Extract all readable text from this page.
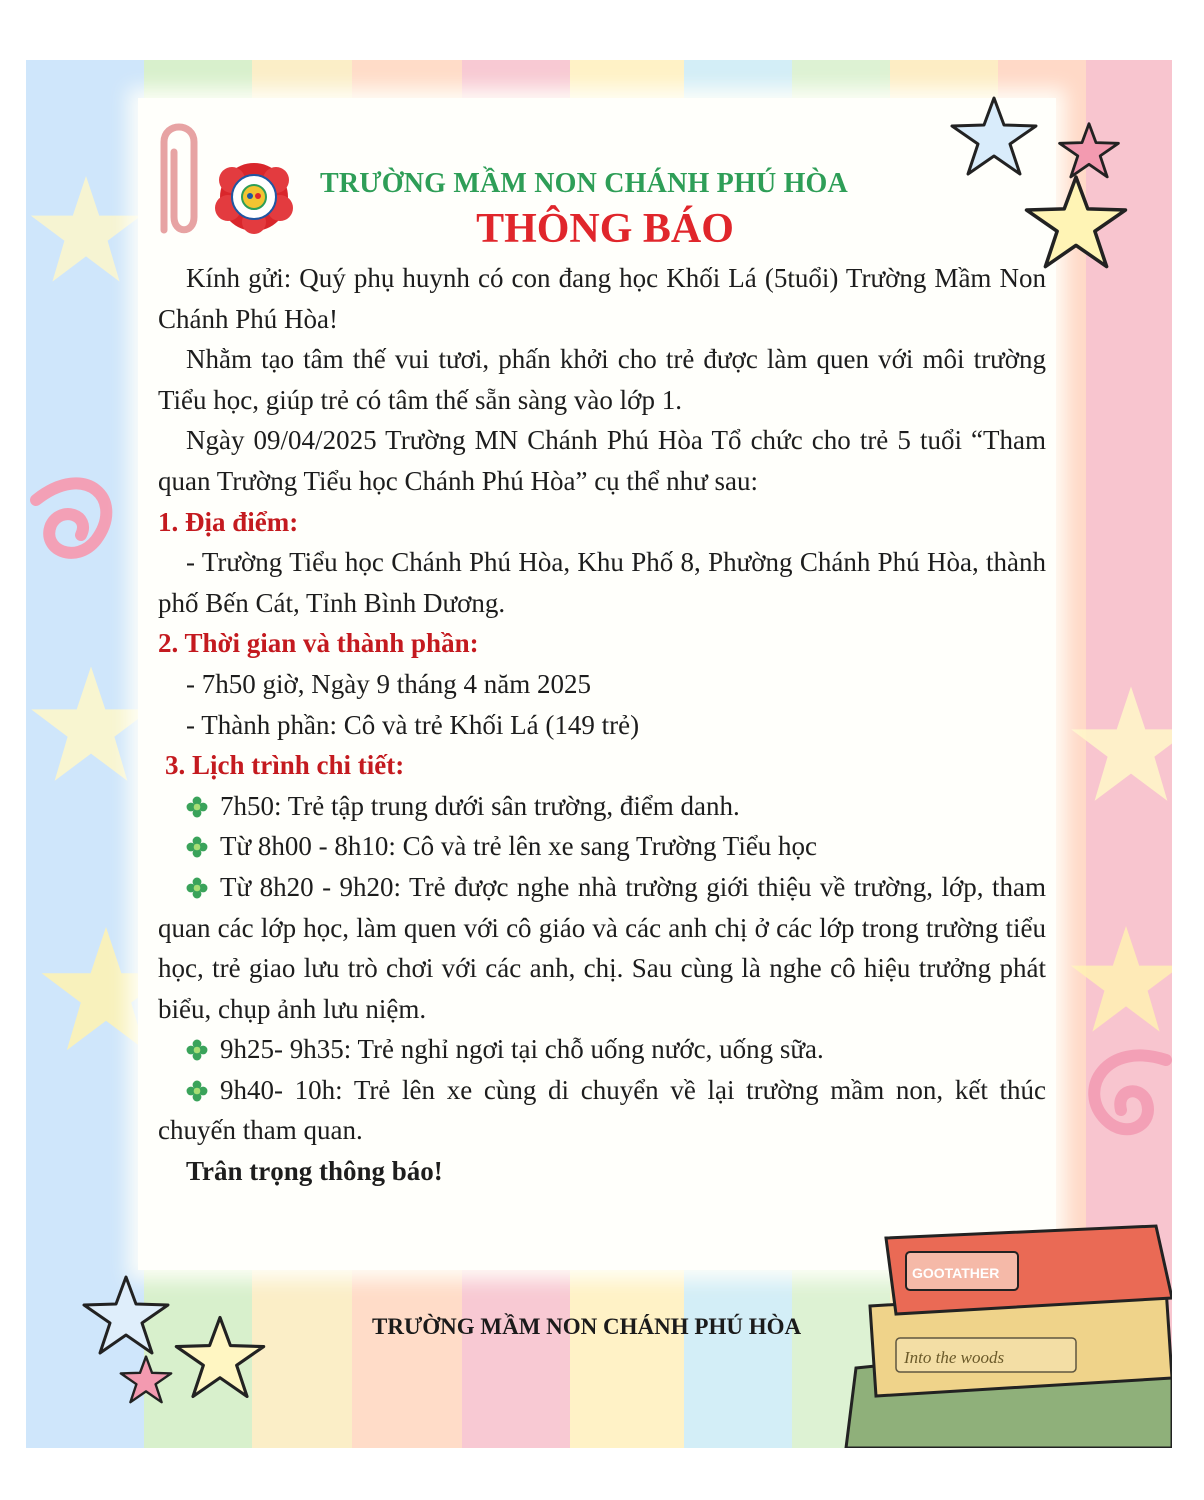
GOOTATHER
Into the woods
TRƯỜNG MẦM NON CHÁNH PHÚ HÒA
THÔNG BÁO

Kính gửi: Quý phụ huynh có con đang học Khối Lá (5tuổi) Trường Mầm Non Chánh Phú Hòa!

Nhằm tạo tâm thế vui tươi, phấn khởi cho trẻ được làm quen với môi trường Tiểu học, giúp trẻ có tâm thế sẵn sàng vào lớp 1.

Ngày 09/04/2025 Trường MN Chánh Phú Hòa Tổ chức cho trẻ 5 tuổi “Tham quan Trường Tiểu học Chánh Phú Hòa” cụ thể như sau:

1. Địa điểm:

- Trường Tiểu học Chánh Phú Hòa, Khu Phố 8, Phường Chánh Phú Hòa, thành phố Bến Cát, Tỉnh Bình Dương.

2. Thời gian và thành phần:

- 7h50 giờ, Ngày 9 tháng 4 năm 2025

- Thành phần: Cô và trẻ Khối Lá (149 trẻ)

3. Lịch trình chi tiết:

7h50: Trẻ tập trung dưới sân trường, điểm danh.

Từ 8h00 - 8h10: Cô và trẻ lên xe sang Trường Tiểu học

Từ 8h20 - 9h20: Trẻ được nghe nhà trường giới thiệu về trường, lớp, tham quan các lớp học, làm quen với cô giáo và các anh chị ở các lớp trong trường tiểu học, trẻ giao lưu trò chơi với các anh, chị. Sau cùng là nghe cô hiệu trưởng phát biểu, chụp ảnh lưu niệm.

9h25- 9h35: Trẻ nghỉ ngơi tại chỗ uống nước, uống sữa.

9h40- 10h: Trẻ lên xe cùng di chuyển về lại trường mầm non, kết thúc chuyến tham quan.

Trân trọng thông báo!

TRƯỜNG MẦM NON CHÁNH PHÚ HÒA
